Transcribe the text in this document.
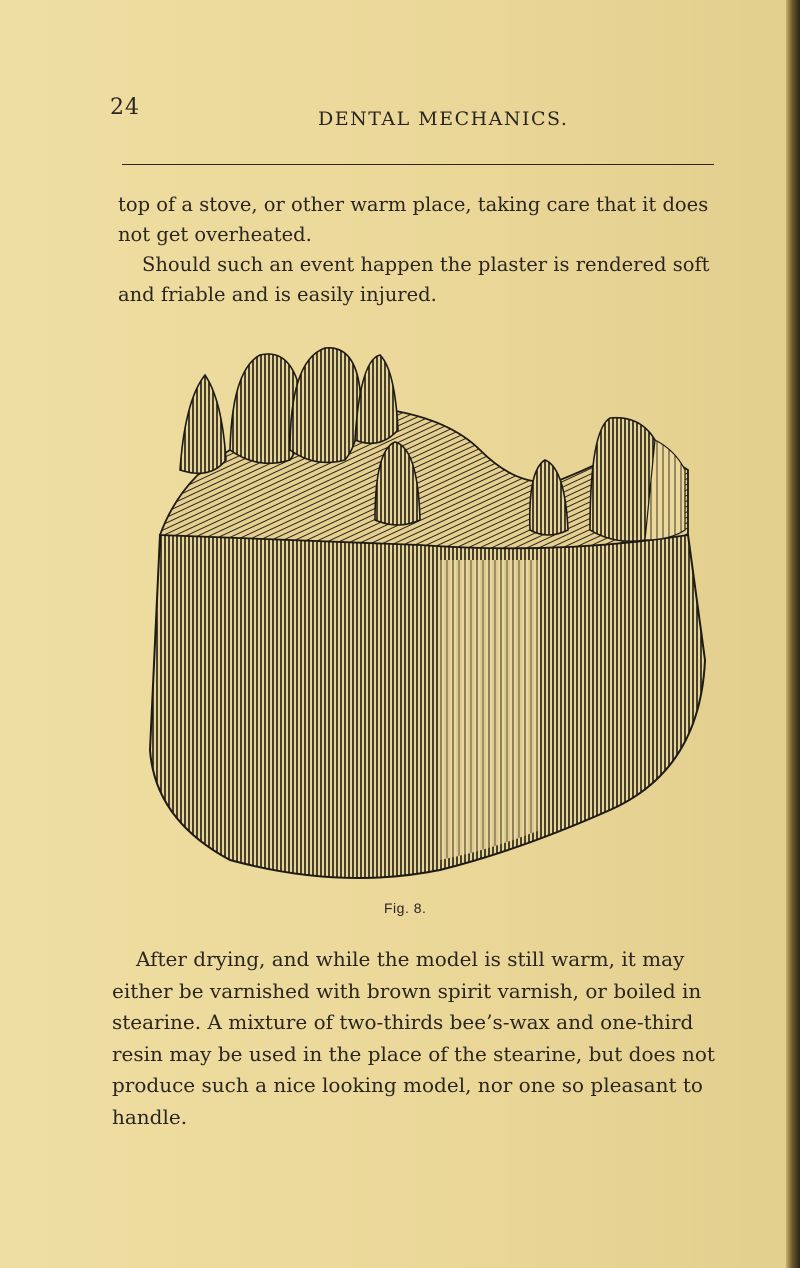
24	DENTAL MECHANICS.

top of a stove, or other warm place, taking care that it does

not get overheated.

Should such an event happen the plaster is rendered soft

and friable and is easily injured.

Fig. 8.

After drying, and while the model is still warm, it may

either be varnished with brown spirit varnish, or boiled in

stearine. A mixture of two-thirds bee’s-wax and one-third

resin may be used in the place of the stearine, but does not

produce such a nice looking model, nor one so pleasant to

handle.
